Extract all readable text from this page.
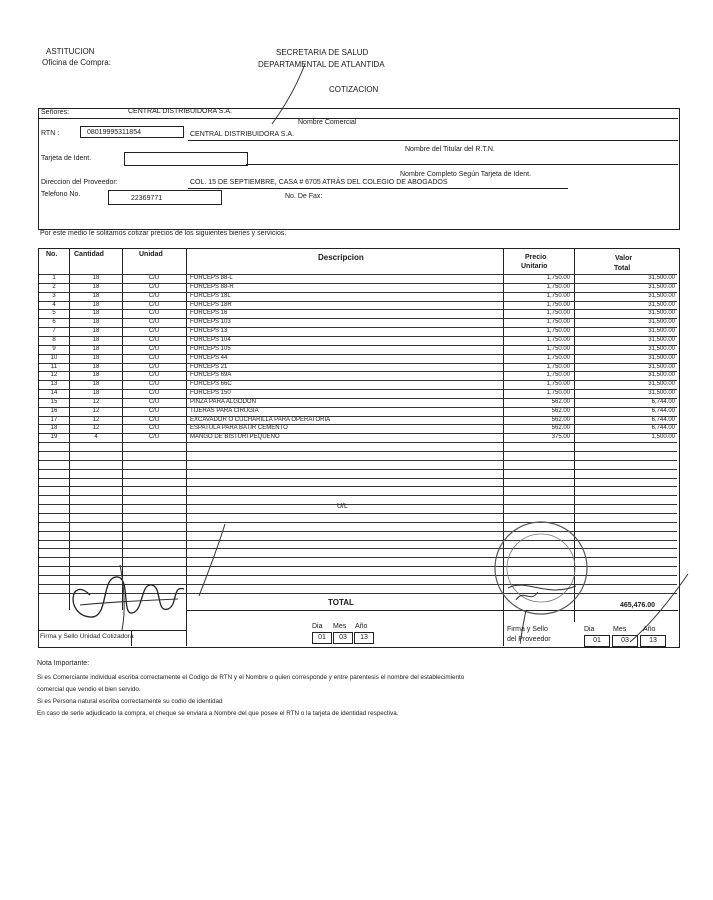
ASTITUCION
Oficina de Compra:
SECRETARIA DE SALUD
DEPARTAMENTAL DE ATLANTIDA
COTIZACION
Señores:	CENTRAL DISTRIBUIDORA S.A.
Nombre Comercial
RTN :	08019995311854	CENTRAL DISTRIBUIDORA S.A.
Nombre del Titular del R.T.N.
Tarjeta de Ident.
Nombre Completo Según Tarjeta de Ident.
Direccion del Proveedor:	COL. 15 DE SEPTIEMBRE, CASA # 6705 ATRÁS DEL COLEGIO DE ABOGADOS
Telefono No.
22369771	No. De Fax:
Por este medio le solitamos cotizar precios de los siguientes bienes y servicios.
No. Cantidad	Unidad	Descripcion	Precio
Unitario
Valor
Total
1	18	C/U	FORCEPS 88-L	1,750.00	31,500.00
2	18	C/U	FORCEPS 88-R	1,750.00	31,500.00
3	18	C/U	FORCEPS 18L	1,750.00	31,500.00
4	18	C/U	FORCEPS 18R	1,750.00	31,500.00
5	18	C/U	FORCEPS 16	1,750.00	31,500.00
6	18	C/U	FORCEPS 103	1,750.00	31,500.00
7	18	C/U	FORCEPS 13	1,750.00	31,500.00
8	18	C/U	FORCEPS 104	1,750.00	31,500.00
9	18	C/U	FORCEPS 105	1,750.00	31,500.00
10	18	C/U	FORCEPS 44	1,750.00	31,500.00
11	18	C/U	FORCEPS 21	1,750.00	31,500.00
12	18	C/U	FORCEPS 69A	1,750.00	31,500.00
13	18	C/U	FORCEPS 66C	1,750.00	31,500.00
14	18	C/U	FORCEPS 150	1,750.00	31,500.00
15	12	C/U	PINZA PARA ALGODÓN	562.00	6,744.00
16	12	C/U	TIJERAS PARA CIRUGIA	562.00	6,744.00
17	12	C/U	EXCAVADOR O CUCHARILLA PARA OPERATORIA	562.00	6,744.00
18	12	C/U	ESPATULA PARA BATIR CEMENTO	562.00	6,744.00
19	4	C/U	MANGO DE BISTURI PEQUEÑO	375.00	1,500.00
U/L
TOTAL	465,476.00
Firma y Sello Unidad Cotizadora
Dia Mes Año
01	03	13
Firma y Sello
del Proveedor
Dia	Mes Año
01	03	13
Nota Importante:
Si es Comerciante individual escriba correctamente el Codigo de RTN y el Nombre o quien corresponde y entre parentesis el nombre del establecimiento
comercial que vendio el bien servido.
Si es Persona natural escriba correctamente su codio de identidad
En caso de serle adjudicado la compra, el cheque se enviara a Nombre del que posee el RTN o la tarjeta de identidad respectiva.
